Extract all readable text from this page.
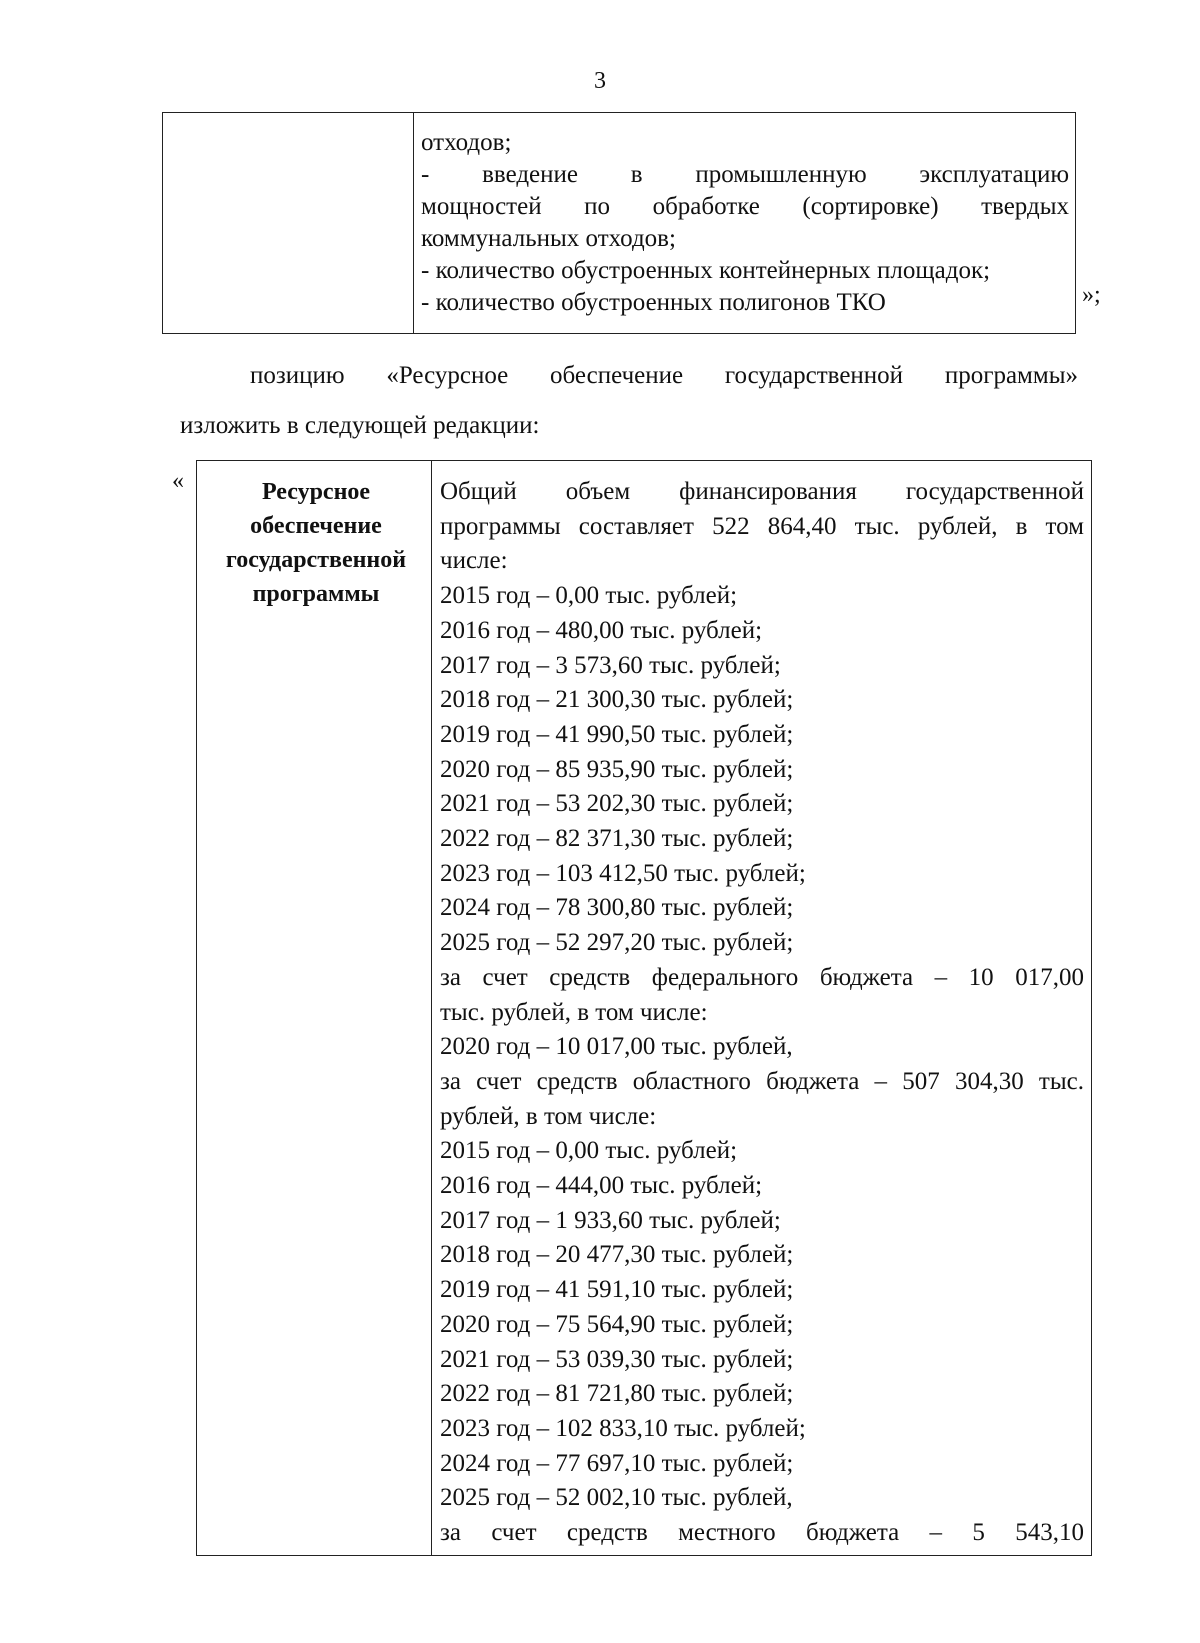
3
отходов;
- введение в промышленную эксплуатацию
мощностей по обработке (сортировке) твердых
коммунальных отходов;
- количество обустроенных контейнерных площадок;
- количество обустроенных полигонов ТКО	»;
позицию «Ресурсное обеспечение государственной программы»
изложить в следующей редакции:
«	Ресурсное
обеспечение
государственной
программы
Общий объем финансирования государственной
программы составляет 522 864,40 тыс. рублей, в том
числе:
2015 год – 0,00 тыс. рублей;
2016 год – 480,00 тыс. рублей;
2017 год – 3 573,60 тыс. рублей;
2018 год – 21 300,30 тыс. рублей;
2019 год – 41 990,50 тыс. рублей;
2020 год – 85 935,90 тыс. рублей;
2021 год – 53 202,30 тыс. рублей;
2022 год – 82 371,30 тыс. рублей;
2023 год – 103 412,50 тыс. рублей;
2024 год – 78 300,80 тыс. рублей;
2025 год – 52 297,20 тыс. рублей;
за счет средств федерального бюджета – 10 017,00
тыс. рублей, в том числе:
2020 год – 10 017,00 тыс. рублей,
за счет средств областного бюджета – 507 304,30 тыс.
рублей, в том числе:
2015 год – 0,00 тыс. рублей;
2016 год – 444,00 тыс. рублей;
2017 год – 1 933,60 тыс. рублей;
2018 год – 20 477,30 тыс. рублей;
2019 год – 41 591,10 тыс. рублей;
2020 год – 75 564,90 тыс. рублей;
2021 год – 53 039,30 тыс. рублей;
2022 год – 81 721,80 тыс. рублей;
2023 год – 102 833,10 тыс. рублей;
2024 год – 77 697,10 тыс. рублей;
2025 год – 52 002,10 тыс. рублей,
за счет средств местного бюджета – 5 543,10
